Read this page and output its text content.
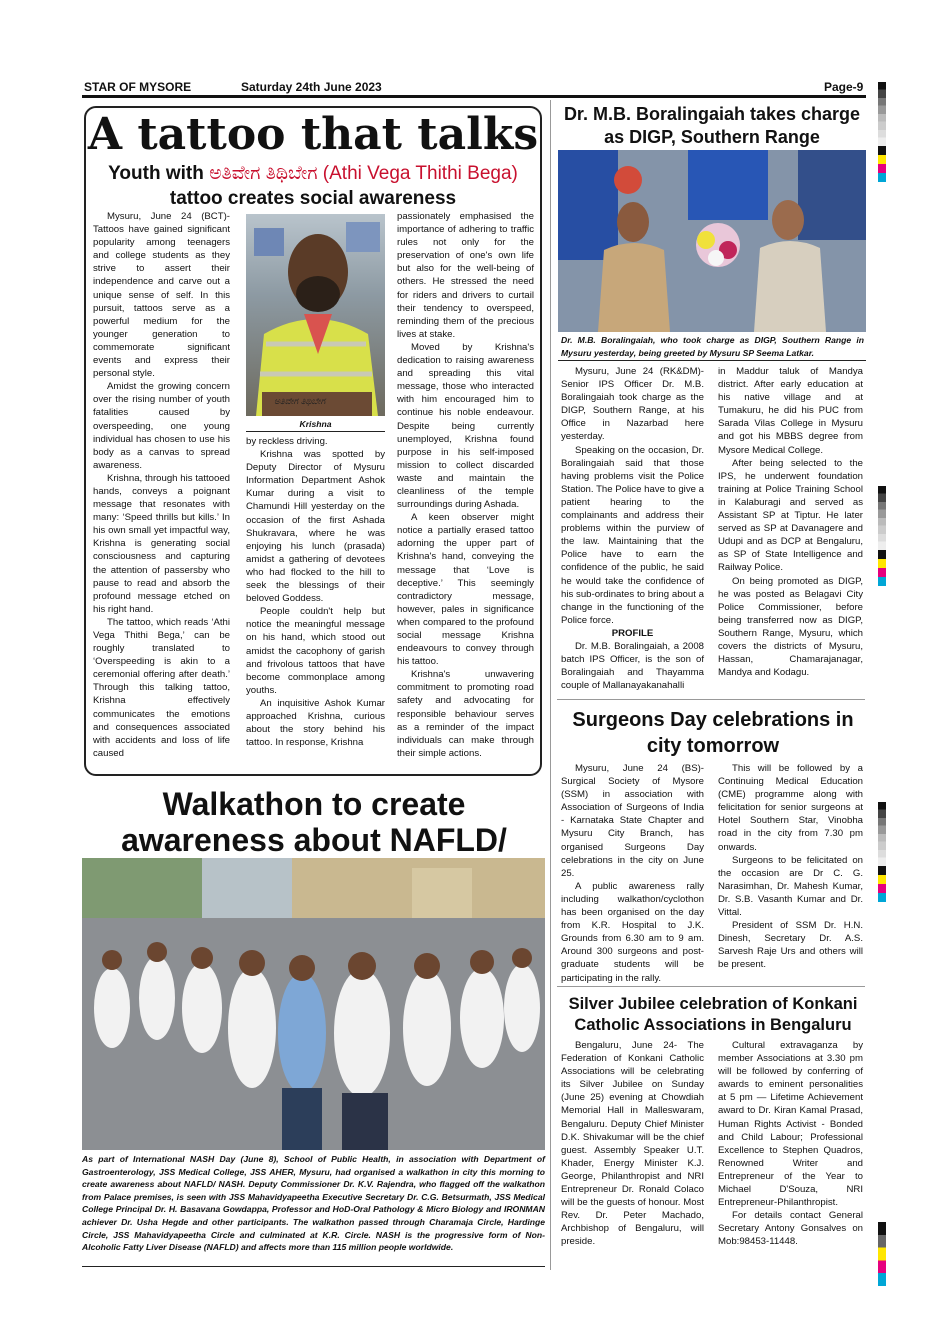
STAR OF MYSORE	Saturday 24th June 2023	Page-9
A tattoo that talks
Youth with ಅತಿವೇಗ ತಿಥಿಬೇಗ (Athi Vega Thithi Bega)
tattoo creates social awareness

Mysuru, June 24 (BCT)- Tattoos have gained significant popularity among teenagers and college students as they strive to assert their independence and carve out a unique sense of self. In this pursuit, tattoos serve as a powerful medium for the younger generation to commemorate significant events and express their personal style.

Amidst the growing concern over the rising number of youth fatalities caused by overspeeding, one young individual has chosen to use his body as a canvas to spread awareness.

Krishna, through his tattooed hands, conveys a poignant message that resonates with many: ‘Speed thrills but kills.’ In his own small yet impactful way, Krishna is generating social consciousness and capturing the attention of passersby who pause to read and absorb the profound message etched on his right hand.

The tattoo, which reads ‘Athi Vega Thithi Bega,’ can be roughly translated to ‘Overspeeding is akin to a ceremonial offering after death.’ Through this talking tattoo, Krishna effectively communicates the emotions and consequences associated with accidents and loss of life caused

ಅತಿವೇಗ ತಿಥಿಬೇಗ
Krishna

by reckless driving.

Krishna was spotted by Deputy Director of Mysuru Information Department Ashok Kumar during a visit to Chamundi Hill yesterday on the occasion of the first Ashada Shukravara, where he was enjoying his lunch (prasada) amidst a gathering of devotees who had flocked to the hill to seek the blessings of their beloved Goddess.

People couldn't help but notice the meaningful message on his hand, which stood out amidst the cacophony of garish and frivolous tattoos that have become commonplace among youths.

An inquisitive Ashok Kumar approached Krishna, curious about the story behind his tattoo. In response, Krishna

passionately emphasised the importance of adhering to traffic rules not only for the preservation of one's own life but also for the well-being of others. He stressed the need for riders and drivers to curtail their tendency to overspeed, reminding them of the precious lives at stake.

Moved by Krishna's dedication to raising awareness and spreading this vital message, those who interacted with him encouraged him to continue his noble endeavour. Despite being currently unemployed, Krishna found purpose in his self-imposed mission to collect discarded waste and maintain the cleanliness of the temple surroundings during Ashada.

A keen observer might notice a partially erased tattoo adorning the upper part of Krishna's hand, conveying the message that ‘Love is deceptive.’ This seemingly contradictory message, however, pales in significance when compared to the profound social message Krishna endeavours to convey through his tattoo.

Krishna's unwavering commitment to promoting road safety and advocating for responsible behaviour serves as a reminder of the impact individuals can make through their simple actions.

Dr. M.B. Boralingaiah takes charge as DIGP, Southern Range
Dr. M.B. Boralingaiah, who took charge as DIGP, Southern Range in Mysuru yesterday, being greeted by Mysuru SP Seema Latkar.

Mysuru, June 24 (RK&DM)- Senior IPS Officer Dr. M.B. Boralingaiah took charge as the DIGP, Southern Range, at his Office in Nazarbad here yesterday.

Speaking on the occasion, Dr. Boralingaiah said that those having problems visit the Police Station. The Police have to give a patient hearing to the complainants and address their problems within the purview of the law. Maintaining that the Police have to earn the confidence of the public, he said he would take the confidence of his sub-ordinates to bring about a change in the functioning of the Police force.

PROFILE

Dr. M.B. Boralingaiah, a 2008 batch IPS Officer, is the son of Boralingaiah and Thayamma couple of Mallanayakanahalli

in Maddur taluk of Mandya district. After early education at his native village and at Tumakuru, he did his PUC from Sarada Vilas College in Mysuru and got his MBBS degree from Mysore Medical College.

After being selected to the IPS, he underwent foundation training at Police Training School in Kalaburagi and served as Assistant SP at Tiptur. He later served as SP at Davanagere and Udupi and as DCP at Bengaluru, as SP of State Intelligence and Railway Police.

On being promoted as DIGP, he was posted as Belagavi City Police Commissioner, before being transferred now as DIGP, Southern Range, Mysuru, which covers the districts of Mysuru, Hassan, Chamarajanagar, Mandya and Kodagu.

Surgeons Day celebrations in city tomorrow

Mysuru, June 24 (BS)- Surgical Society of Mysore (SSM) in association with Association of Surgeons of India - Karnataka State Chapter and Mysuru City Branch, has organised Surgeons Day celebrations in the city on June 25.

A public awareness rally including walkathon/cyclothon has been organised on the day from K.R. Hospital to J.K. Grounds from 6.30 am to 9 am. Around 300 surgeons and post-graduate students will be participating in the rally.

This will be followed by a Continuing Medical Education (CME) programme along with felicitation for senior surgeons at Hotel Southern Star, Vinobha road in the city from 7.30 pm onwards.

Surgeons to be felicitated on the occasion are Dr C. G. Narasimhan, Dr. Mahesh Kumar, Dr. S.B. Vasanth Kumar and Dr. Vittal.

President of SSM Dr. H.N. Dinesh, Secretary Dr. A.S. Sarvesh Raje Urs and others will be present.

Silver Jubilee celebration of Konkani Catholic Associations in Bengaluru

Bengaluru, June 24- The Federation of Konkani Catholic Associations will be celebrating its Silver Jubilee on Sunday (June 25) evening at Chowdiah Memorial Hall in Malleswaram, Bengaluru. Deputy Chief Minister D.K. Shivakumar will be the chief guest. Assembly Speaker U.T. Khader, Energy Minister K.J. George, Philanthropist and NRI Entrepreneur Dr. Ronald Colaco will be the guests of honour. Most Rev. Dr. Peter Machado, Archbishop of Bengaluru, will preside.

Cultural extravaganza by member Associations at 3.30 pm will be followed by conferring of awards to eminent personalities at 5 pm — Lifetime Achievement award to Dr. Kiran Kamal Prasad, Human Rights Activist - Bonded and Child Labour; Professional Excellence to Stephen Quadros, Renowned Writer and Entrepreneur of the Year to Michael D'Souza, NRI Entrepreneur-Philanthropist.

For details contact General Secretary Antony Gonsalves on Mob:98453-11448.

Walkathon to create awareness about NAFLD/
As part of International NASH Day (June 8), School of Public Health, in association with Department of Gastroenterology, JSS Medical College, JSS AHER, Mysuru, had organised a walkathon in city this morning to create awareness about NAFLD/ NASH. Deputy Commissioner Dr. K.V. Rajendra, who flagged off the walkathon from Palace premises, is seen with JSS Mahavidyapeetha Executive Secretary Dr. C.G. Betsurmath, JSS Medical College Principal Dr. H. Basavana Gowdappa, Professor and HoD-Oral Pathology & Micro Biology and IRONMAN achiever Dr. Usha Hegde and other participants. The walkathon passed through Charamaja Circle, Hardinge Circle, JSS Mahavidyapeetha Circle and culminated at K.R. Circle. NASH is the progressive form of Non-Alcoholic Fatty Liver Disease (NAFLD) and affects more than 115 million people worldwide.
